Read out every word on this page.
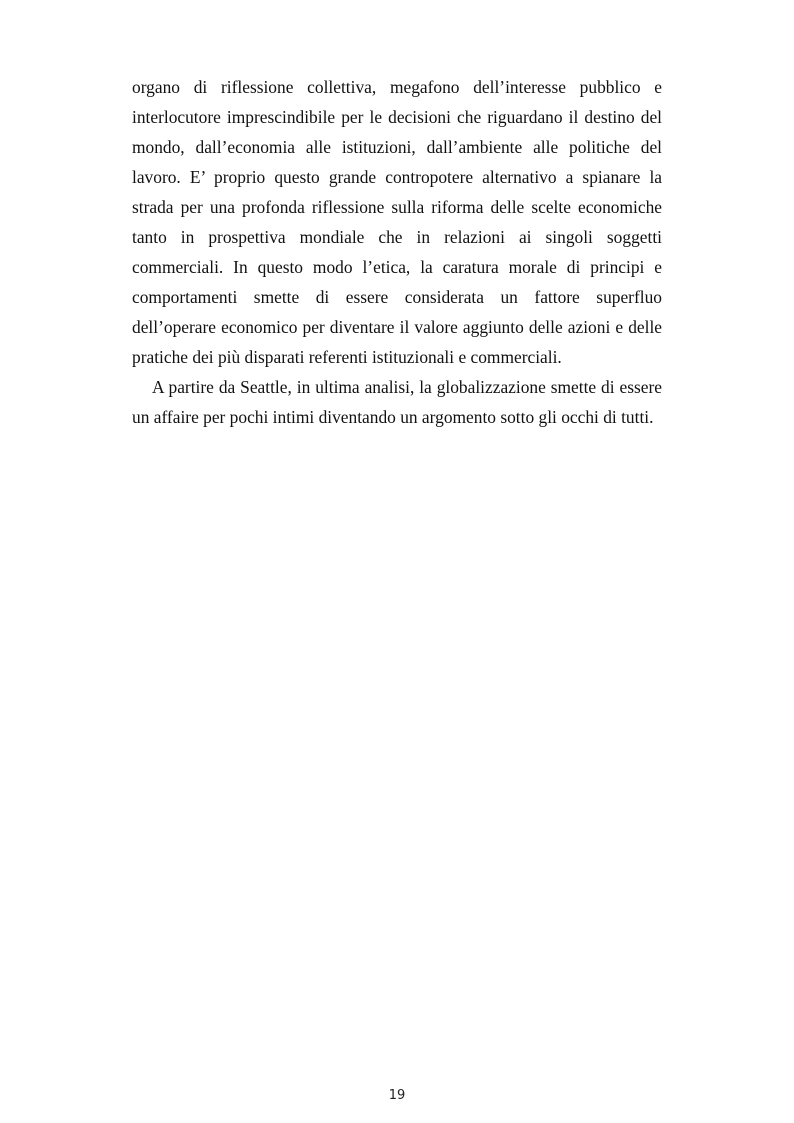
organo di riflessione collettiva, megafono dell’interesse pubblico e interlocutore imprescindibile per le decisioni che riguardano il destino del mondo, dall’economia alle istituzioni, dall’ambiente alle politiche del lavoro. E’ proprio questo grande contropotere alternativo a spianare la strada per una profonda riflessione sulla riforma delle scelte economiche tanto in prospettiva mondiale che in relazioni ai singoli soggetti commerciali. In questo modo l’etica, la caratura morale di principi e comportamenti smette di essere considerata un fattore superfluo dell’operare economico per diventare il valore aggiunto delle azioni e delle pratiche dei più disparati referenti istituzionali e commerciali.

A partire da Seattle, in ultima analisi, la globalizzazione smette di essere un affaire per pochi intimi diventando un argomento sotto gli occhi di tutti.

19
